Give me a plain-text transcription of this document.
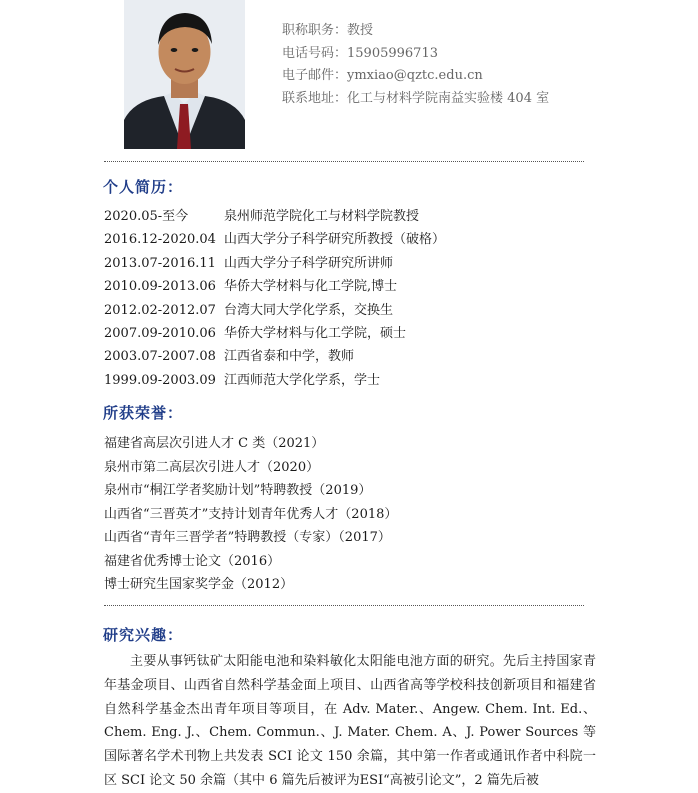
职称职务：教授
电话号码：15905996713
电子邮件：ymxiao@qztc.edu.cn
联系地址：化工与材料学院南益实验楼 404 室
个人简历：
2020.05-至今	泉州师范学院化工与材料学院教授
2016.12-2020.04 山西大学分子科学研究所教授（破格）
2013.07-2016.11 山西大学分子科学研究所讲师
2010.09-2013.06 华侨大学材料与化工学院,博士
2012.02-2012.07 台湾大同大学化学系，交换生
2007.09-2010.06 华侨大学材料与化工学院，硕士
2003.07-2007.08 江西省泰和中学，教师
1999.09-2003.09 江西师范大学化学系，学士
所获荣誉：
福建省高层次引进人才 C 类（2021）
泉州市第二高层次引进人才（2020）
泉州市“桐江学者奖励计划”特聘教授（2019）
山西省“三晋英才”支持计划青年优秀人才（2018）
山西省“青年三晋学者”特聘教授（专家）（2017）
福建省优秀博士论文（2016）
博士研究生国家奖学金（2012）
研究兴趣：
主要从事钙钛矿太阳能电池和染料敏化太阳能电池方面的研究。先后主持国家青年基金项目、山西省自然科学基金面上项目、山西省高等学校科技创新项目和福建省自然科学基金杰出青年项目等项目，在 Adv. Mater.、Angew. Chem. Int. Ed.、Chem. Eng. J.、Chem. Commun.、J. Mater. Chem. A、J. Power Sources 等国际著名学术刊物上共发表 SCI 论文 150 余篇，其中第一作者或通讯作者中科院一区 SCI 论文 50 余篇（其中 6 篇先后被评为ESI“高被引论文”，2 篇先后被
